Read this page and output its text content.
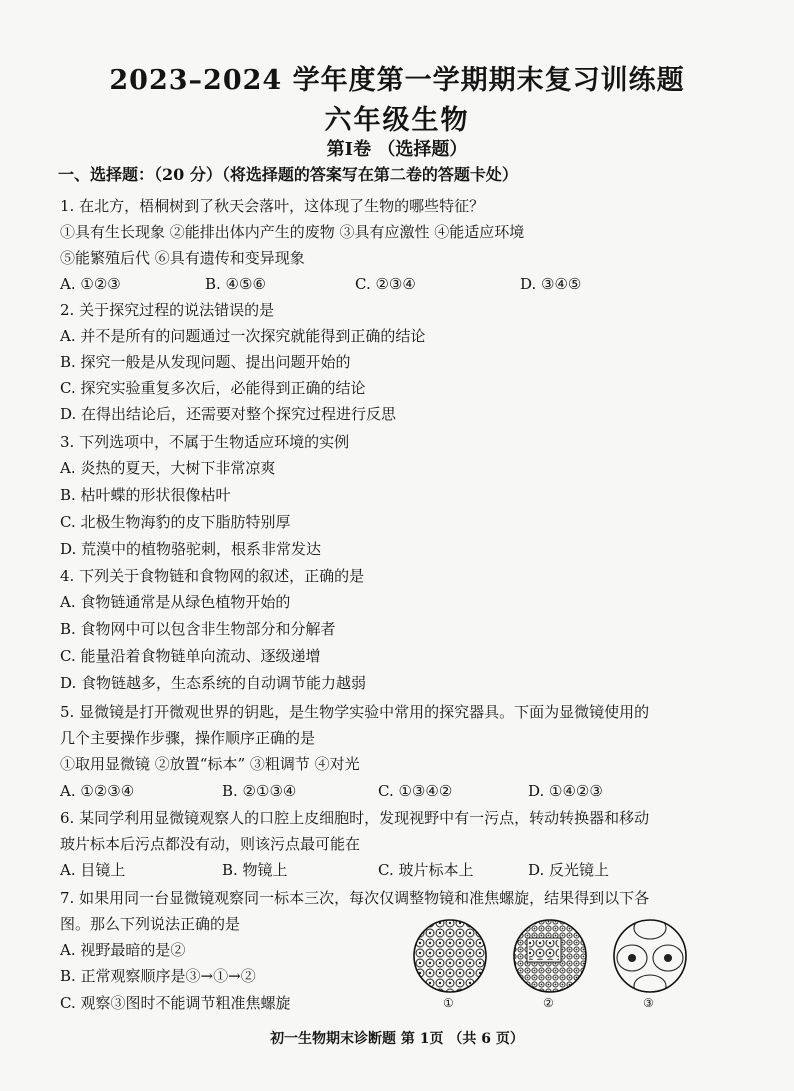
2023–2024 学年度第一学期期末复习训练题
六年级生物
第Ⅰ卷 （选择题）
一、选择题：（20 分）（将选择题的答案写在第二卷的答题卡处）
1. 在北方，梧桐树到了秋天会落叶，这体现了生物的哪些特征？
①具有生长现象 ②能排出体内产生的废物 ③具有应激性 ④能适应环境
⑤能繁殖后代 ⑥具有遗传和变异现象
A. ①②③	B. ④⑤⑥	C. ②③④	D. ③④⑤
2. 关于探究过程的说法错误的是
A. 并不是所有的问题通过一次探究就能得到正确的结论
B. 探究一般是从发现问题、提出问题开始的
C. 探究实验重复多次后，必能得到正确的结论
D. 在得出结论后，还需要对整个探究过程进行反思
3. 下列选项中，不属于生物适应环境的实例
A. 炎热的夏天，大树下非常凉爽
B. 枯叶蝶的形状很像枯叶
C. 北极生物海豹的皮下脂肪特别厚
D. 荒漠中的植物骆驼刺，根系非常发达
4. 下列关于食物链和食物网的叙述，正确的是
A. 食物链通常是从绿色植物开始的
B. 食物网中可以包含非生物部分和分解者
C. 能量沿着食物链单向流动、逐级递增
D. 食物链越多，生态系统的自动调节能力越弱
5. 显微镜是打开微观世界的钥匙，是生物学实验中常用的探究器具。下面为显微镜使用的
几个主要操作步骤，操作顺序正确的是
①取用显微镜 ②放置“标本” ③粗调节 ④对光
A. ①②③④	B. ②①③④	C. ①③④②	D. ①④②③
6. 某同学利用显微镜观察人的口腔上皮细胞时，发现视野中有一污点，转动转换器和移动
玻片标本后污点都没有动，则该污点最可能在
A. 目镜上	B. 物镜上	C. 玻片标本上	D. 反光镜上
7. 如果用同一台显微镜观察同一标本三次，每次仅调整物镜和准焦螺旋，结果得到以下各
图。那么下列说法正确的是
A. 视野最暗的是②
B. 正常观察顺序是③→①→②
C. 观察③图时不能调节粗准焦螺旋	①	②	③
初一生物期末诊断题 第 1页 （共 6 页）
